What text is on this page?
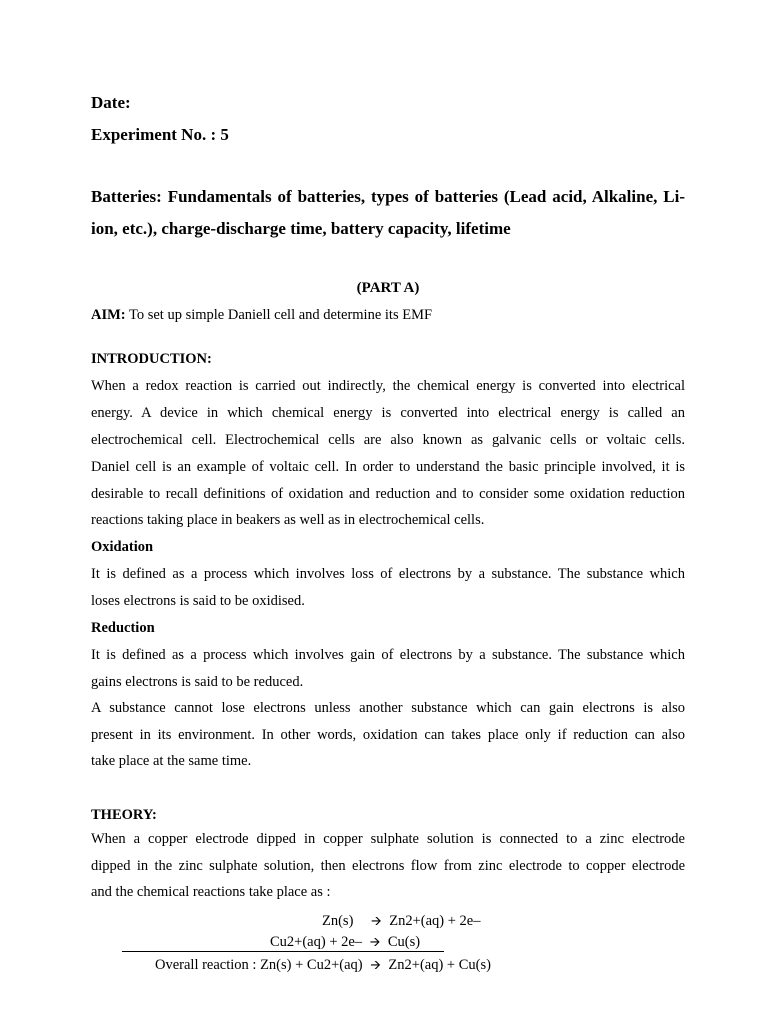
Date:
Experiment No. : 5
Batteries: Fundamentals of batteries, types of batteries (Lead acid, Alkaline, Li-ion, etc.), charge-discharge time, battery capacity, lifetime
(PART A)
AIM: To set up simple Daniell cell and determine its EMF
INTRODUCTION:
When a redox reaction is carried out indirectly, the chemical energy is converted into electrical
energy. A device in which chemical energy is converted into electrical energy is called an
electrochemical cell. Electrochemical cells are also known as galvanic cells or voltaic cells.
Daniel cell is an example of voltaic cell. In order to understand the basic principle involved, it is
desirable to recall definitions of oxidation and reduction and to consider some oxidation reduction
reactions taking place in beakers as well as in electrochemical cells.
Oxidation
It is defined as a process which involves loss of electrons by a substance. The substance which
loses electrons is said to be oxidised.
Reduction
It is defined as a process which involves gain of electrons by a substance. The substance which
gains electrons is said to be reduced.
A substance cannot lose electrons unless another substance which can gain electrons is also
present in its environment. In other words, oxidation can takes place only if reduction can also
take place at the same time.
THEORY:
When a copper electrode dipped in copper sulphate solution is connected to a zinc electrode
dipped in the zinc sulphate solution, then electrons flow from zinc electrode to copper electrode
and the chemical reactions take place as :
Zn(s) 🡪 Zn2+(aq) + 2e–
Cu2+(aq) + 2e– 🡪 Cu(s)
Overall reaction : Zn(s) + Cu2+(aq) 🡪 Zn2+(aq) + Cu(s)
